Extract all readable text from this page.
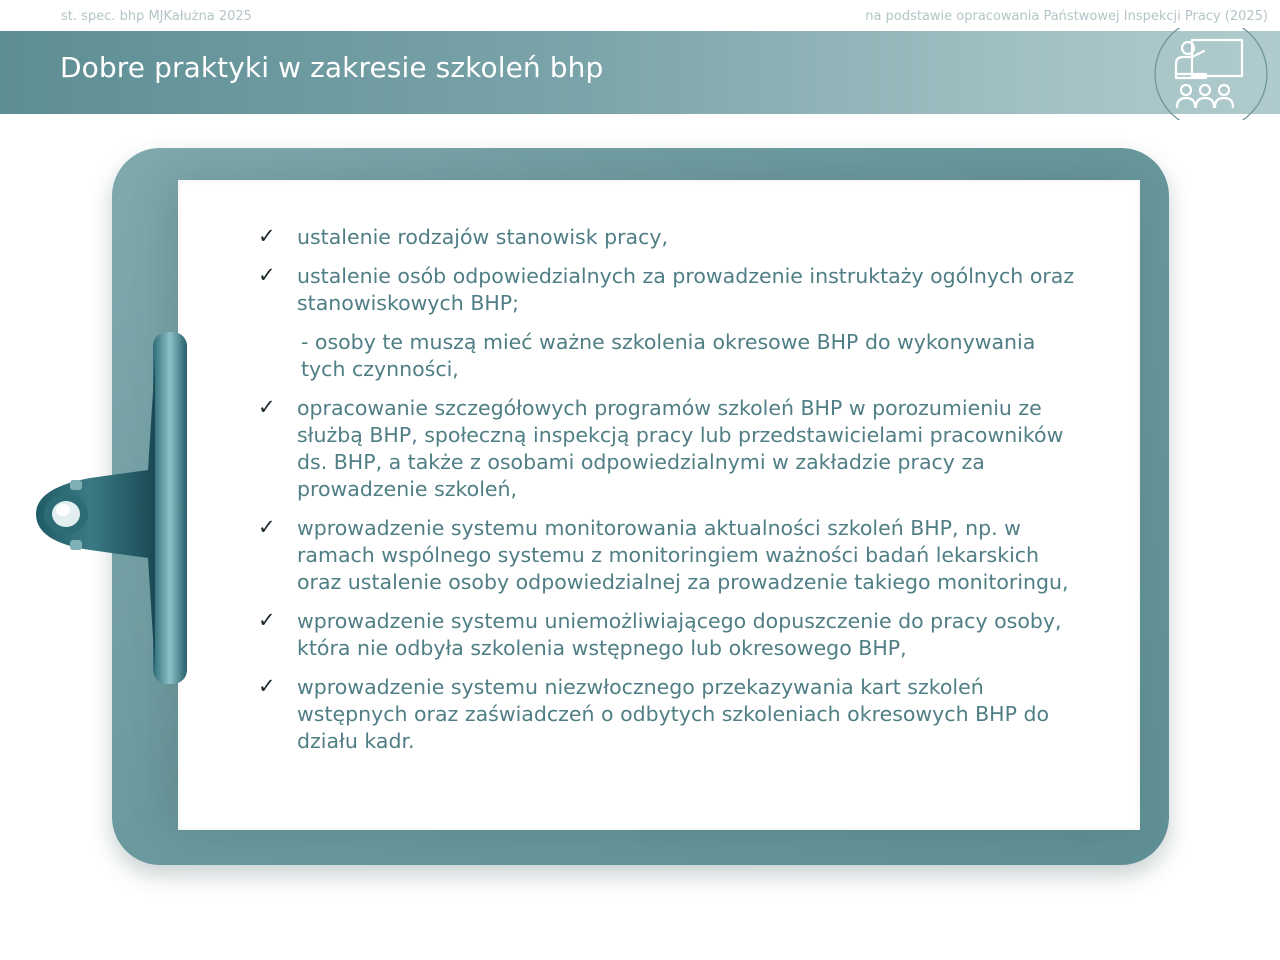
st. spec. bhp MJKałużna 2025	na podstawie opracowania Państwowej Inspekcji Pracy (2025)
Dobre praktyki w zakresie szkoleń bhp
✓ ustalenie rodzajów stanowisk pracy,
✓ ustalenie osób odpowiedzialnych za prowadzenie instruktaży ogólnych oraz stanowiskowych BHP;
- osoby te muszą mieć ważne szkolenia okresowe BHP do wykonywania tych czynności,
✓ opracowanie szczegółowych programów szkoleń BHP w porozumieniu ze służbą BHP, społeczną inspekcją pracy lub przedstawicielami pracowników ds. BHP, a także z osobami odpowiedzialnymi w zakładzie pracy za prowadzenie szkoleń,
✓ wprowadzenie systemu monitorowania aktualności szkoleń BHP, np. w ramach wspólnego systemu z monitoringiem ważności badań lekarskich oraz ustalenie osoby odpowiedzialnej za prowadzenie takiego monitoringu,
✓ wprowadzenie systemu uniemożliwiającego dopuszczenie do pracy osoby, która nie odbyła szkolenia wstępnego lub okresowego BHP,
✓ wprowadzenie systemu niezwłocznego przekazywania kart szkoleń wstępnych oraz zaświadczeń o odbytych szkoleniach okresowych BHP do działu kadr.
